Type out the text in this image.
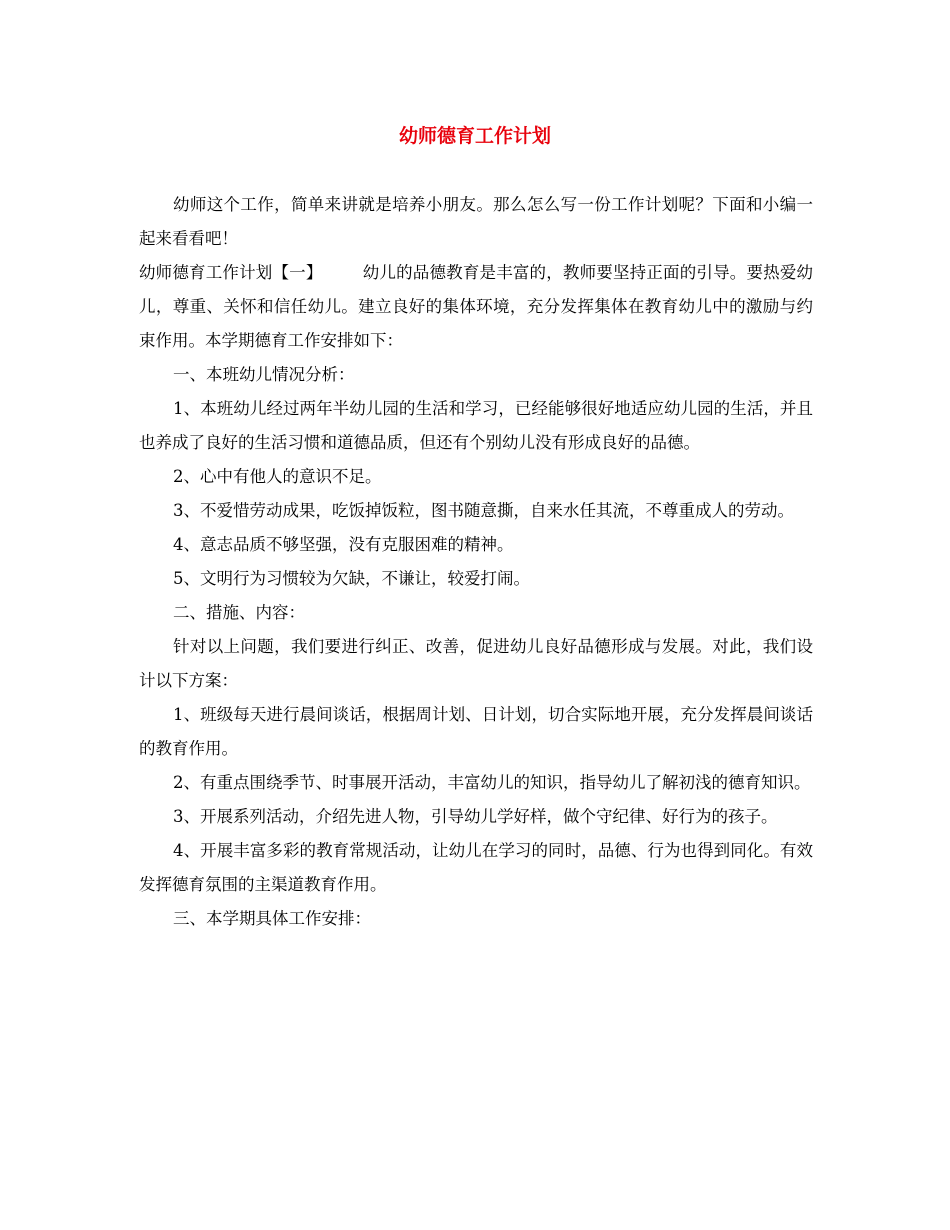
幼师德育工作计划

幼师这个工作，简单来讲就是培养小朋友。那么怎么写一份工作计划呢？下面和小编一起来看看吧！

幼师德育工作计划【一】 幼儿的品德教育是丰富的，教师要坚持正面的引导。要热爱幼儿，尊重、关怀和信任幼儿。建立良好的集体环境，充分发挥集体在教育幼儿中的激励与约束作用。本学期德育工作安排如下：

一、本班幼儿情况分析：

1、本班幼儿经过两年半幼儿园的生活和学习，已经能够很好地适应幼儿园的生活，并且也养成了良好的生活习惯和道德品质，但还有个别幼儿没有形成良好的品德。

2、心中有他人的意识不足。

3、不爱惜劳动成果，吃饭掉饭粒，图书随意撕，自来水任其流，不尊重成人的劳动。

4、意志品质不够坚强，没有克服困难的精神。

5、文明行为习惯较为欠缺，不谦让，较爱打闹。

二、措施、内容：

针对以上问题，我们要进行纠正、改善，促进幼儿良好品德形成与发展。对此，我们设计以下方案：

1、班级每天进行晨间谈话，根据周计划、日计划，切合实际地开展，充分发挥晨间谈话的教育作用。

2、有重点围绕季节、时事展开活动，丰富幼儿的知识，指导幼儿了解初浅的德育知识。

3、开展系列活动，介绍先进人物，引导幼儿学好样，做个守纪律、好行为的孩子。

4、开展丰富多彩的教育常规活动，让幼儿在学习的同时，品德、行为也得到同化。有效发挥德育氛围的主渠道教育作用。

三、本学期具体工作安排：
